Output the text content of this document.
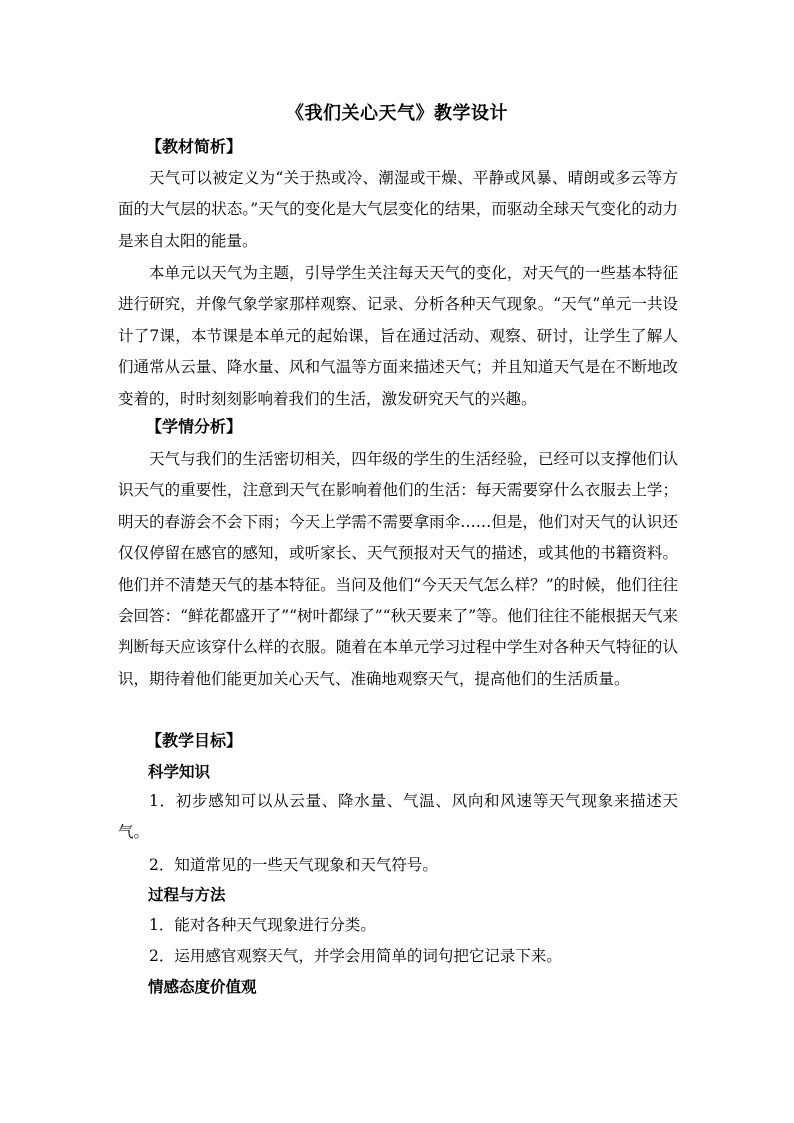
《我们关心天气》教学设计
【教材简析】

天气可以被定义为“关于热或冷、潮湿或干燥、平静或风暴、晴朗或多云等方面的大气层的状态。”天气的变化是大气层变化的结果，而驱动全球天气变化的动力是来自太阳的能量。

本单元以天气为主题，引导学生关注每天天气的变化，对天气的一些基本特征进行研究，并像气象学家那样观察、记录、分析各种天气现象。“天气”单元一共设计了7课，本节课是本单元的起始课，旨在通过活动、观察、研讨，让学生了解人们通常从云量、降水量、风和气温等方面来描述天气；并且知道天气是在不断地改变着的，时时刻刻影响着我们的生活，激发研究天气的兴趣。

【学情分析】

天气与我们的生活密切相关，四年级的学生的生活经验，已经可以支撑他们认识天气的重要性，注意到天气在影响着他们的生活：每天需要穿什么衣服去上学；明天的春游会不会下雨；今天上学需不需要拿雨伞……但是，他们对天气的认识还仅仅停留在感官的感知，或听家长、天气预报对天气的描述，或其他的书籍资料。他们并不清楚天气的基本特征。当问及他们“今天天气怎么样？”的时候，他们往往会回答：“鲜花都盛开了”“树叶都绿了”“秋天要来了”等。他们往往不能根据天气来判断每天应该穿什么样的衣服。随着在本单元学习过程中学生对各种天气特征的认识，期待着他们能更加关心天气、准确地观察天气，提高他们的生活质量。

【教学目标】
科学知识

1．初步感知可以从云量、降水量、气温、风向和风速等天气现象来描述天气。

2．知道常见的一些天气现象和天气符号。

过程与方法

1．能对各种天气现象进行分类。

2．运用感官观察天气，并学会用简单的词句把它记录下来。

情感态度价值观
